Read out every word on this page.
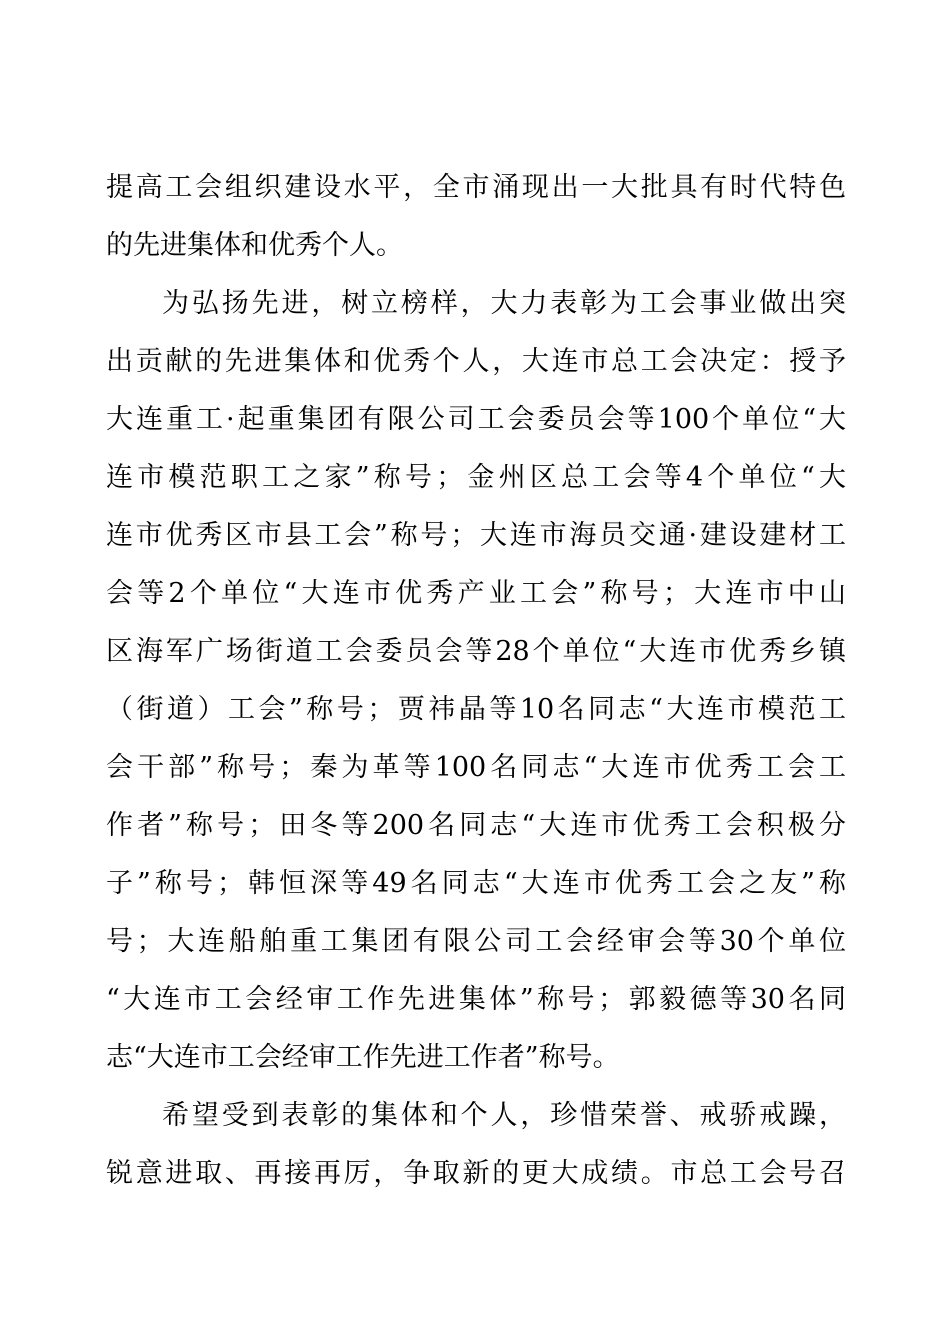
提高工会组织建设水平，全市涌现出一大批具有时代特色
的先进集体和优秀个人。
为弘扬先进，树立榜样，大力表彰为工会事业做出突
出贡献的先进集体和优秀个人，大连市总工会决定：授予
大连重工·起重集团有限公司工会委员会等100个单位“大
连市模范职工之家”称号；金州区总工会等4个单位“大
连市优秀区市县工会”称号；大连市海员交通·建设建材工
会等2个单位“大连市优秀产业工会”称号；大连市中山
区海军广场街道工会委员会等28个单位“大连市优秀乡镇
（街道）工会”称号；贾祎晶等10名同志“大连市模范工
会干部”称号；秦为革等100名同志“大连市优秀工会工
作者”称号；田冬等200名同志“大连市优秀工会积极分
子”称号；韩恒深等49名同志“大连市优秀工会之友”称
号；大连船舶重工集团有限公司工会经审会等30个单位
“大连市工会经审工作先进集体”称号；郭毅德等30名同
志“大连市工会经审工作先进工作者”称号。
希望受到表彰的集体和个人，珍惜荣誉、戒骄戒躁，
锐意进取、再接再厉，争取新的更大成绩。市总工会号召
